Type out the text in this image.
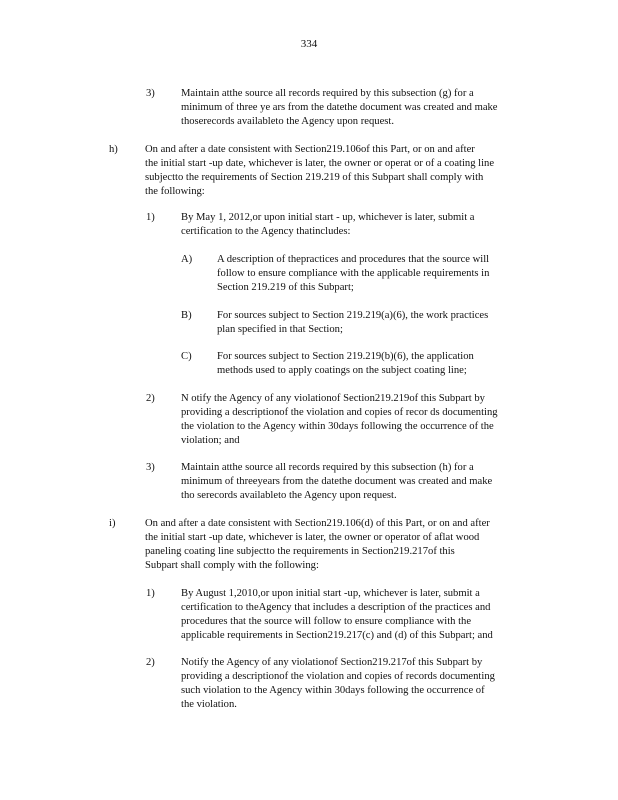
334
3) Maintain atthe source all records required by this subsection (g) for a
minimum of three ye ars from the datethe document was created and make
thoserecords availableto the Agency upon request.
h)	On and after a date consistent with Section219.106of this Part, or on and after
the initial start -up date, whichever is later, the owner or operat or of a coating line
subjectto the requirements of Section 219.219 of this Subpart shall comply with
the following:
1) By May 1, 2012,or upon initial start - up, whichever is later, submit a
certification to the Agency thatincludes:
A) A description of thepractices and procedures that the source will
follow to ensure compliance with the applicable requirements in
Section 219.219 of this Subpart;
B) For sources subject to Section 219.219(a)(6), the work practices
plan specified in that Section;
C) For sources subject to Section 219.219(b)(6), the application
methods used to apply coatings on the subject coating line;
2) N otify the Agency of any violationof Section219.219of this Subpart by
providing a descriptionof the violation and copies of recor ds documenting
the violation to the Agency within 30days following the occurrence of the
violation; and
3) Maintain atthe source all records required by this subsection (h) for a
minimum of threeyears from the datethe document was created and make
tho serecords availableto the Agency upon request.
i)	On and after a date consistent with Section219.106(d) of this Part, or on and after
the initial start -up date, whichever is later, the owner or operator of aflat wood
paneling coating line subjectto the requirements in Section219.217of this
Subpart shall comply with the following:
1) By August 1,2010,or upon initial start -up, whichever is later, submit a
certification to theAgency that includes a description of the practices and
procedures that the source will follow to ensure compliance with the
applicable requirements in Section219.217(c) and (d) of this Subpart; and
2) Notify the Agency of any violationof Section219.217of this Subpart by
providing a descriptionof the violation and copies of records documenting
such violation to the Agency within 30days following the occurrence of
the violation.
